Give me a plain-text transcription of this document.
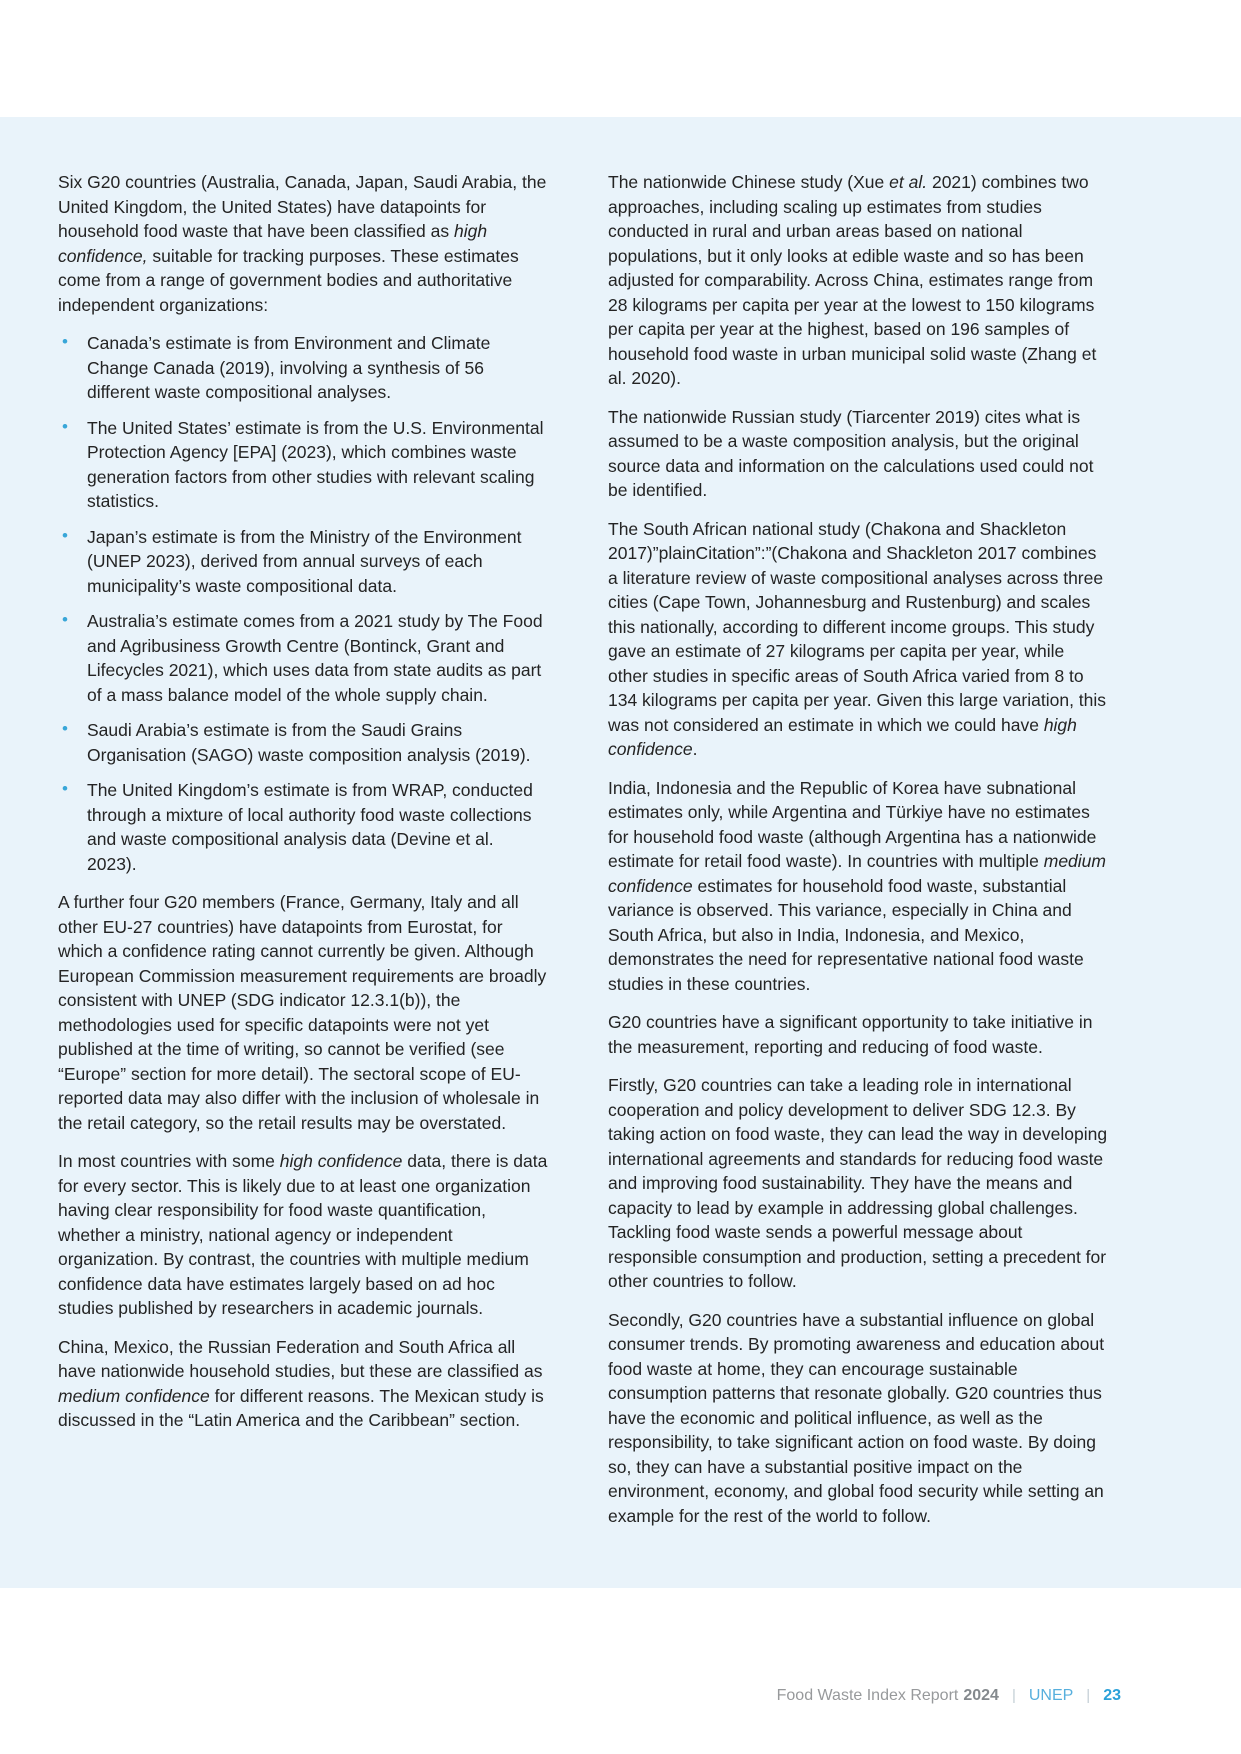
Six G20 countries (Australia, Canada, Japan, Saudi Arabia, the United Kingdom, the United States) have datapoints for household food waste that have been classified as high confidence, suitable for tracking purposes. These estimates come from a range of government bodies and authoritative independent organizations:

• Canada’s estimate is from Environment and Climate Change Canada (2019), involving a synthesis of 56 different waste compositional analyses.
• The United States’ estimate is from the U.S. Environmental Protection Agency [EPA] (2023), which combines waste generation factors from other studies with relevant scaling statistics.
• Japan’s estimate is from the Ministry of the Environment (UNEP 2023), derived from annual surveys of each municipality’s waste compositional data.
• Australia’s estimate comes from a 2021 study by The Food and Agribusiness Growth Centre (Bontinck, Grant and Lifecycles 2021), which uses data from state audits as part of a mass balance model of the whole supply chain.
• Saudi Arabia’s estimate is from the Saudi Grains Organisation (SAGO) waste composition analysis (2019).
• The United Kingdom’s estimate is from WRAP, conducted through a mixture of local authority food waste collections and waste compositional analysis data (Devine et al. 2023).

A further four G20 members (France, Germany, Italy and all other EU-27 countries) have datapoints from Eurostat, for which a confidence rating cannot currently be given. Although European Commission measurement requirements are broadly consistent with UNEP (SDG indicator 12.3.1(b)), the methodologies used for specific datapoints were not yet published at the time of writing, so cannot be verified (see “Europe” section for more detail). The sectoral scope of EU-reported data may also differ with the inclusion of wholesale in the retail category, so the retail results may be overstated.

In most countries with some high confidence data, there is data for every sector. This is likely due to at least one organization having clear responsibility for food waste quantification, whether a ministry, national agency or independent organization. By contrast, the countries with multiple medium confidence data have estimates largely based on ad hoc studies published by researchers in academic journals.

China, Mexico, the Russian Federation and South Africa all have nationwide household studies, but these are classified as medium confidence for different reasons. The Mexican study is discussed in the “Latin America and the Caribbean” section.

The nationwide Chinese study (Xue et al. 2021) combines two approaches, including scaling up estimates from studies conducted in rural and urban areas based on national populations, but it only looks at edible waste and so has been adjusted for comparability. Across China, estimates range from 28 kilograms per capita per year at the lowest to 150 kilograms per capita per year at the highest, based on 196 samples of household food waste in urban municipal solid waste (Zhang et al. 2020).

The nationwide Russian study (Tiarcenter 2019) cites what is assumed to be a waste composition analysis, but the original source data and information on the calculations used could not be identified.

The South African national study (Chakona and Shackleton 2017)”plainCitation”:”(Chakona and Shackleton 2017 combines a literature review of waste compositional analyses across three cities (Cape Town, Johannesburg and Rustenburg) and scales this nationally, according to different income groups. This study gave an estimate of 27 kilograms per capita per year, while other studies in specific areas of South Africa varied from 8 to 134 kilograms per capita per year. Given this large variation, this was not considered an estimate in which we could have high confidence.

India, Indonesia and the Republic of Korea have subnational estimates only, while Argentina and Türkiye have no estimates for household food waste (although Argentina has a nationwide estimate for retail food waste). In countries with multiple medium confidence estimates for household food waste, substantial variance is observed. This variance, especially in China and South Africa, but also in India, Indonesia, and Mexico, demonstrates the need for representative national food waste studies in these countries.

G20 countries have a significant opportunity to take initiative in the measurement, reporting and reducing of food waste.

Firstly, G20 countries can take a leading role in international cooperation and policy development to deliver SDG 12.3. By taking action on food waste, they can lead the way in developing international agreements and standards for reducing food waste and improving food sustainability. They have the means and capacity to lead by example in addressing global challenges. Tackling food waste sends a powerful message about responsible consumption and production, setting a precedent for other countries to follow.

Secondly, G20 countries have a substantial influence on global consumer trends. By promoting awareness and education about food waste at home, they can encourage sustainable consumption patterns that resonate globally. G20 countries thus have the economic and political influence, as well as the responsibility, to take significant action on food waste. By doing so, they can have a substantial positive impact on the environment, economy, and global food security while setting an example for the rest of the world to follow.

Food Waste Index Report 2024 | UNEP | 23
